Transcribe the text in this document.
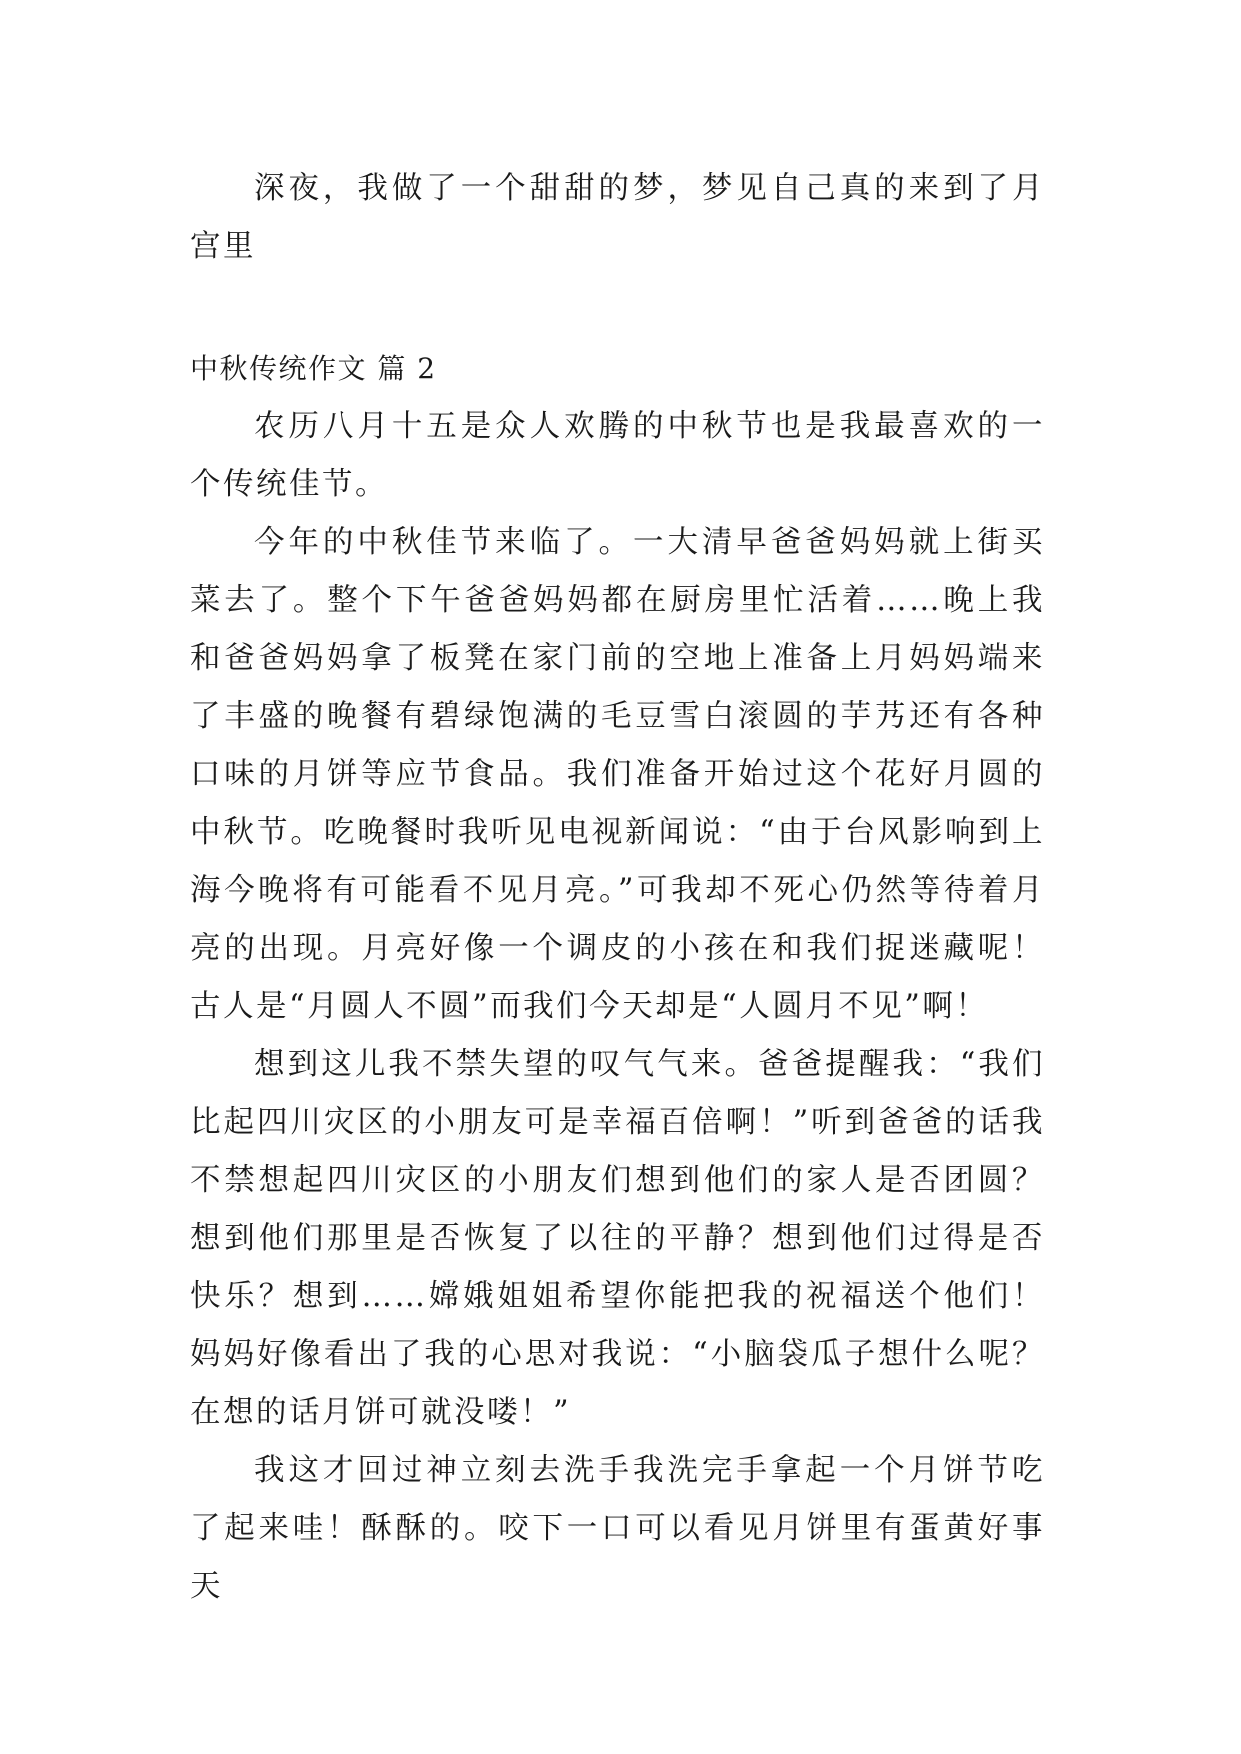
深夜，我做了一个甜甜的梦，梦见自己真的来到了月宫里

中秋传统作文 篇 2

农历八月十五是众人欢腾的中秋节也是我最喜欢的一个传统佳节。

今年的中秋佳节来临了。一大清早爸爸妈妈就上街买菜去了。整个下午爸爸妈妈都在厨房里忙活着……晚上我和爸爸妈妈拿了板凳在家门前的空地上准备上月妈妈端来了丰盛的晚餐有碧绿饱满的毛豆雪白滚圆的芋艿还有各种口味的月饼等应节食品。我们准备开始过这个花好月圆的中秋节。吃晚餐时我听见电视新闻说：“由于台风影响到上海今晚将有可能看不见月亮。”可我却不死心仍然等待着月亮的出现。月亮好像一个调皮的小孩在和我们捉迷藏呢！古人是“月圆人不圆”而我们今天却是“人圆月不见”啊！

想到这儿我不禁失望的叹气气来。爸爸提醒我：“我们比起四川灾区的小朋友可是幸福百倍啊！”听到爸爸的话我不禁想起四川灾区的小朋友们想到他们的家人是否团圆？想到他们那里是否恢复了以往的平静？想到他们过得是否快乐？想到……嫦娥姐姐希望你能把我的祝福送个他们！妈妈好像看出了我的心思对我说：“小脑袋瓜子想什么呢？在想的话月饼可就没喽！”

我这才回过神立刻去洗手我洗完手拿起一个月饼节吃了起来哇！酥酥的。咬下一口可以看见月饼里有蛋黄好事天
